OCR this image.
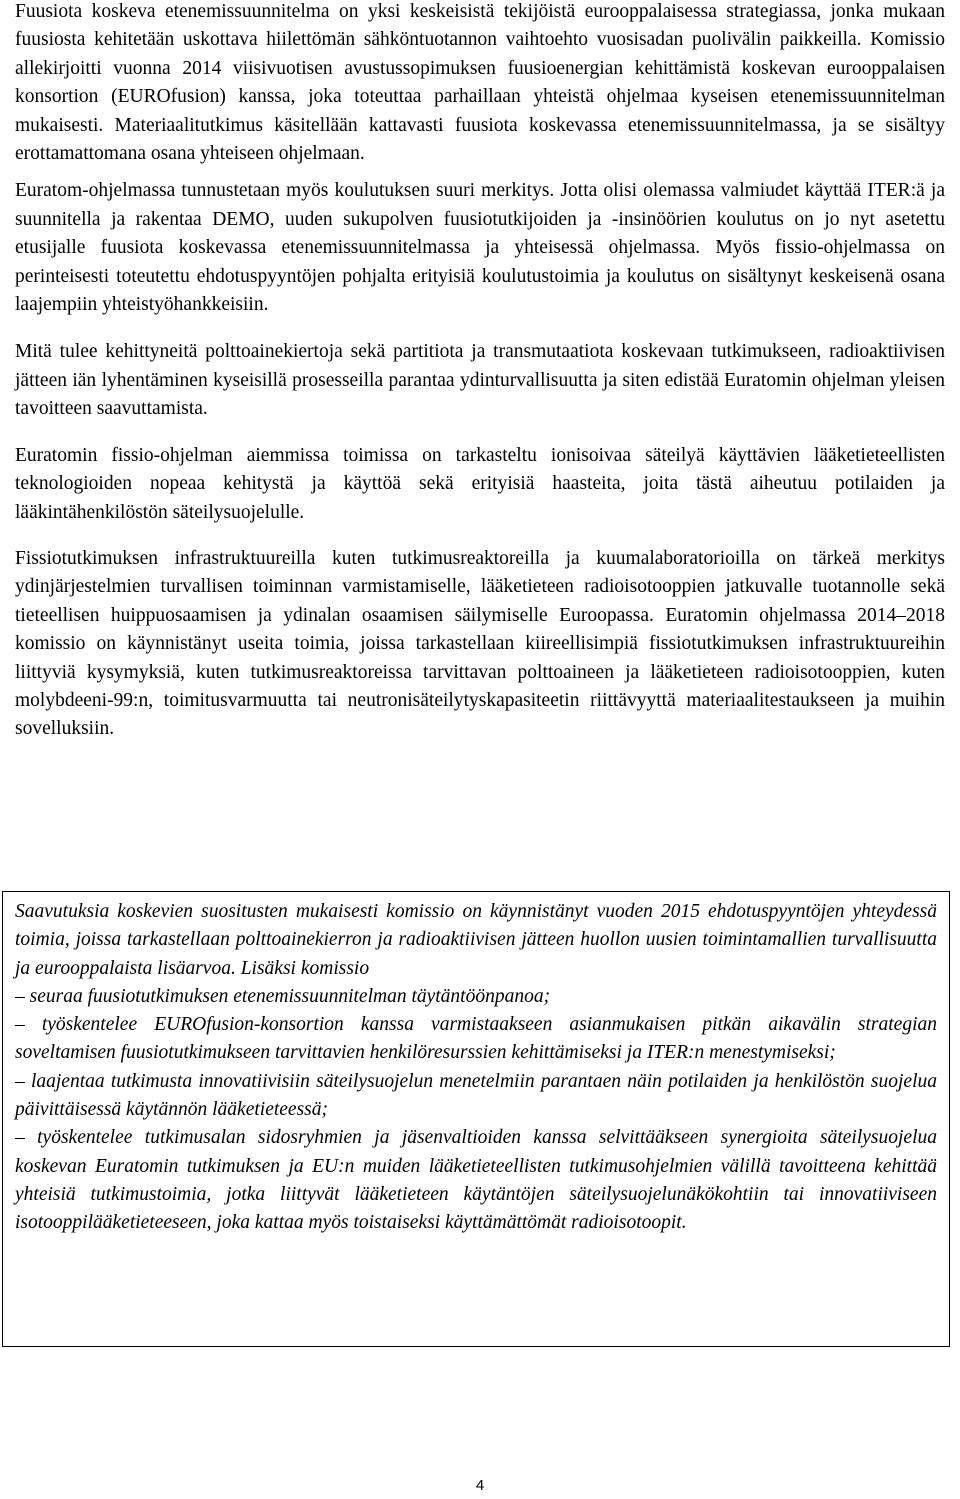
Fuusiota koskeva etenemissuunnitelma on yksi keskeisistä tekijöistä eurooppalaisessa strategiassa, jonka mukaan fuusiosta kehitetään uskottava hiilettömän sähköntuotannon vaihtoehto vuosisadan puolivälin paikkeilla. Komissio allekirjoitti vuonna 2014 viisivuotisen avustussopimuksen fuusioenergian kehittämistä koskevan eurooppalaisen konsortion (EUROfusion) kanssa, joka toteuttaa parhaillaan yhteistä ohjelmaa kyseisen etenemissuunnitelman mukaisesti. Materiaalitutkimus käsitellään kattavasti fuusiota koskevassa etenemissuunnitelmassa, ja se sisältyy erottamattomana osana yhteiseen ohjelmaan.

Euratom-ohjelmassa tunnustetaan myös koulutuksen suuri merkitys. Jotta olisi olemassa valmiudet käyttää ITER:ä ja suunnitella ja rakentaa DEMO, uuden sukupolven fuusiotutkijoiden ja -insinöörien koulutus on jo nyt asetettu etusijalle fuusiota koskevassa etenemissuunnitelmassa ja yhteisessä ohjelmassa. Myös fissio-ohjelmassa on perinteisesti toteutettu ehdotuspyyntöjen pohjalta erityisiä koulutustoimia ja koulutus on sisältynyt keskeisenä osana laajempiin yhteistyöhankkeisiin.

Mitä tulee kehittyneitä polttoainekiertoja sekä partitiota ja transmutaatiota koskevaan tutkimukseen, radioaktiivisen jätteen iän lyhentäminen kyseisillä prosesseilla parantaa ydinturvallisuutta ja siten edistää Euratomin ohjelman yleisen tavoitteen saavuttamista.

Euratomin fissio-ohjelman aiemmissa toimissa on tarkasteltu ionisoivaa säteilyä käyttävien lääketieteellisten teknologioiden nopeaa kehitystä ja käyttöä sekä erityisiä haasteita, joita tästä aiheutuu potilaiden ja lääkintähenkilöstön säteilysuojelulle.

Fissiotutkimuksen infrastruktuureilla kuten tutkimusreaktoreilla ja kuumalaboratorioilla on tärkeä merkitys ydinjärjestelmien turvallisen toiminnan varmistamiselle, lääketieteen radioisotooppien jatkuvalle tuotannolle sekä tieteellisen huippuosaamisen ja ydinalan osaamisen säilymiselle Euroopassa. Euratomin ohjelmassa 2014–2018 komissio on käynnistänyt useita toimia, joissa tarkastellaan kiireellisimpiä fissiotutkimuksen infrastruktuureihin liittyviä kysymyksiä, kuten tutkimusreaktoreissa tarvittavan polttoaineen ja lääketieteen radioisotooppien, kuten molybdeeni-99:n, toimitusvarmuutta tai neutronisäteilytyskapasiteetin riittävyyttä materiaalitestaukseen ja muihin sovelluksiin.

Saavutuksia koskevien suositusten mukaisesti komissio on käynnistänyt vuoden 2015 ehdotuspyyntöjen yhteydessä toimia, joissa tarkastellaan polttoainekierron ja radioaktiivisen jätteen huollon uusien toimintamallien turvallisuutta ja eurooppalaista lisäarvoa. Lisäksi komissio
– seuraa fuusiotutkimuksen etenemissuunnitelman täytäntöönpanoa;
– työskentelee EUROfusion-konsortion kanssa varmistaakseen asianmukaisen pitkän aikavälin strategian soveltamisen fuusiotutkimukseen tarvittavien henkilöresurssien kehittämiseksi ja ITER:n menestymiseksi;
– laajentaa tutkimusta innovatiivisiin säteilysuojelun menetelmiin parantaen näin potilaiden ja henkilöstön suojelua päivittäisessä käytännön lääketieteessä;
– työskentelee tutkimusalan sidosryhmien ja jäsenvaltioiden kanssa selvittääkseen synergioita säteilysuojelua koskevan Euratomin tutkimuksen ja EU:n muiden lääketieteellisten tutkimusohjelmien välillä tavoitteena kehittää yhteisiä tutkimustoimia, jotka liittyvät lääketieteen käytäntöjen säteilysuojelunäkökohtiin tai innovatiiviseen isotooppilääketieteeseen, joka kattaa myös toistaiseksi käyttämättömät radioisotoopit.
4
